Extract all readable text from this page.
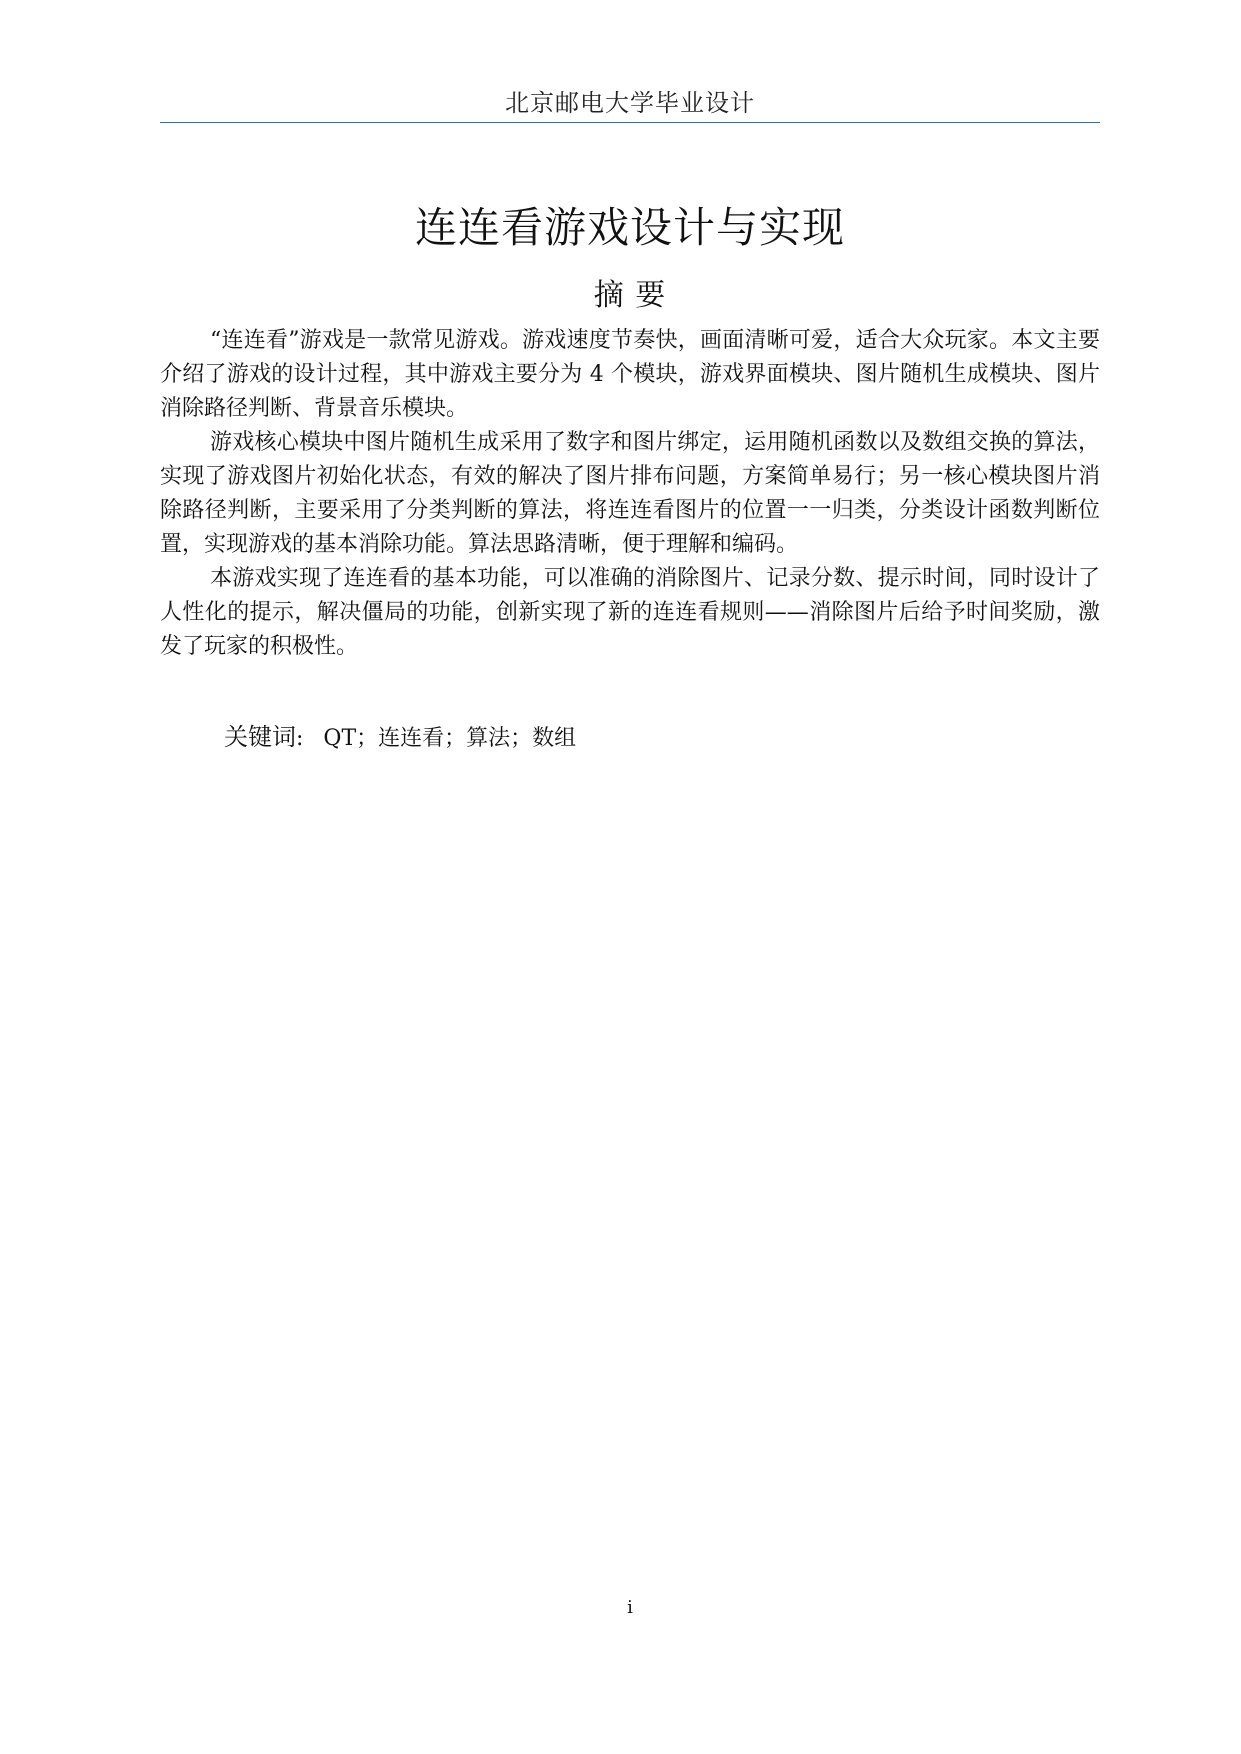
北京邮电大学毕业设计
连连看游戏设计与实现
摘 要

“连连看”游戏是一款常见游戏。游戏速度节奏快，画面清晰可爱，适合大众玩家。本文主要介绍了游戏的设计过程，其中游戏主要分为 4 个模块，游戏界面模块、图片随机生成模块、图片消除路径判断、背景音乐模块。

游戏核心模块中图片随机生成采用了数字和图片绑定，运用随机函数以及数组交换的算法，实现了游戏图片初始化状态，有效的解决了图片排布问题，方案简单易行；另一核心模块图片消除路径判断，主要采用了分类判断的算法，将连连看图片的位置一一归类，分类设计函数判断位置，实现游戏的基本消除功能。算法思路清晰，便于理解和编码。

本游戏实现了连连看的基本功能，可以准确的消除图片、记录分数、提示时间，同时设计了人性化的提示，解决僵局的功能，创新实现了新的连连看规则——消除图片后给予时间奖励，激发了玩家的积极性。

关键词: QT；连连看；算法；数组
i
